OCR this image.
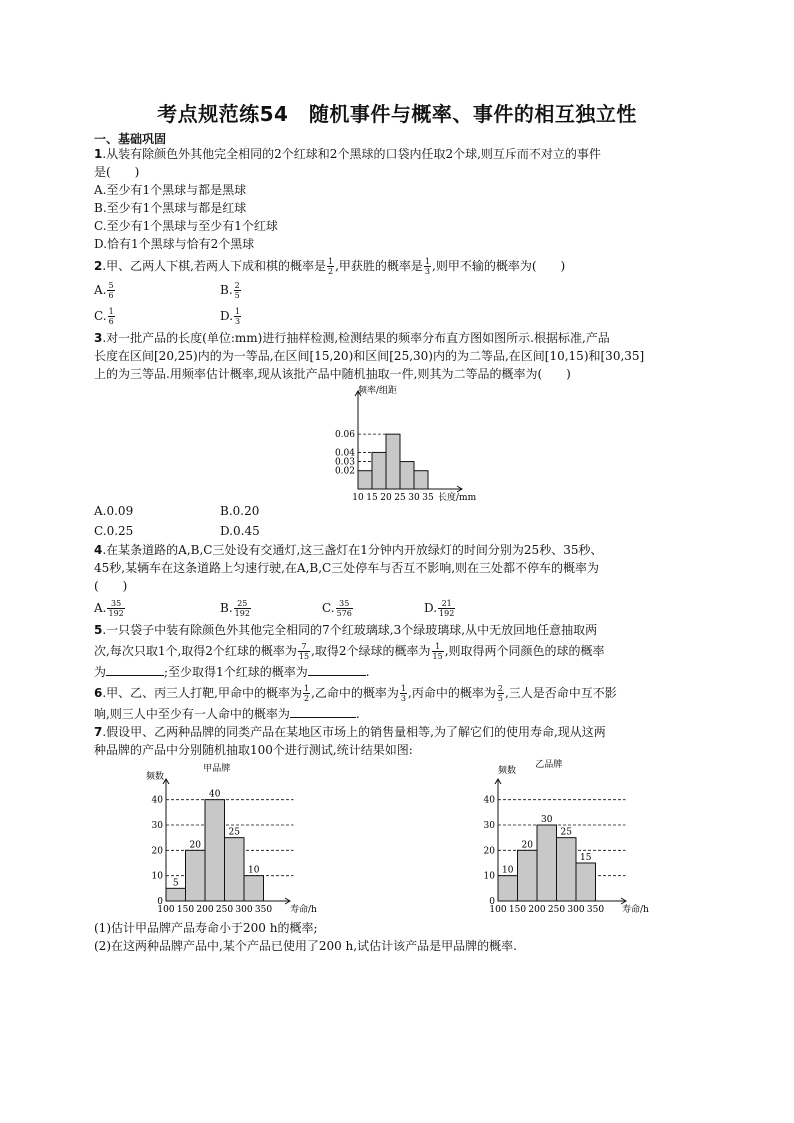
考点规范练54　随机事件与概率、事件的相互独立性
一、基础巩固
1.从装有除颜色外其他完全相同的2个红球和2个黑球的口袋内任取2个球,则互斥而不对立的事件
是(　　)
A.至少有1个黑球与都是黑球
B.至少有1个黑球与都是红球
C.至少有1个黑球与至少有1个红球
D.恰有1个黑球与恰有2个黑球
2.甲、乙两人下棋,若两人下成和棋的概率是 $\frac{1}{2}$ ,甲获胜的概率是 $\frac{1}{3}$ ,则甲不输的概率为(　　)
A. $\frac{5}{6}$	B. $\frac{2}{5}$
C. $\frac{1}{6}$	D. $\frac{1}{3}$
3.对一批产品的长度(单位:mm)进行抽样检测,检测结果的频率分布直方图如图所示.根据标准,产品
长度在区间[20,25)内的为一等品,在区间[15,20)和区间[25,30)内的为二等品,在区间[10,15)和[30,35]
上的为三等品.用频率估计概率,现从该批产品中随机抽取一件,则其为二等品的概率为(　　)
频率/组距
0.06
0.04
0.03
0.02
10 15 20 25 30 35 长度/mm
A.0.09	B.0.20
C.0.25	D.0.45
4.在某条道路的A,B,C三处设有交通灯,这三盏灯在1分钟内开放绿灯的时间分别为25秒、35秒、
45秒,某辆车在这条道路上匀速行驶,在A,B,C三处停车与否互不影响,则在三处都不停车的概率为
(　　)
A. $\frac{35}{192}$	B. $\frac{25}{192}$	C. $\frac{35}{576}$	D. $\frac{21}{192}$
5.一只袋子中装有除颜色外其他完全相同的7个红玻璃球,3个绿玻璃球,从中无放回地任意抽取两
次,每次只取1个,取得2个红球的概率为 $\frac{7}{15}$ ,取得2个绿球的概率为 $\frac{1}{15}$ ,则取得两个同颜色的球的概率
为	;至少取得1个红球的概率为	.
6.甲、乙、丙三人打靶,甲命中的概率为 $\frac{1}{2}$ ,乙命中的概率为 $\frac{1}{3}$ ,丙命中的概率为 $\frac{2}{5}$ ,三人是否命中互不影
响,则三人中至少有一人命中的概率为	.
7.假设甲、乙两种品牌的同类产品在某地区市场上的销售量相等,为了解它们的使用寿命,现从这两
种品牌的产品中分别随机抽取100个进行测试,统计结果如图:
甲品牌
频数
5
20
40
25
10
40
30
20
10
0
100 150 200 250 300 350 寿命/h
乙品牌
频数
10
20
30
25
15
40
30
20
10
0
100 150 200 250 300 350 寿命/h
(1)估计甲品牌产品寿命小于200 h的概率;
(2)在这两种品牌产品中,某个产品已使用了200 h,试估计该产品是甲品牌的概率.
